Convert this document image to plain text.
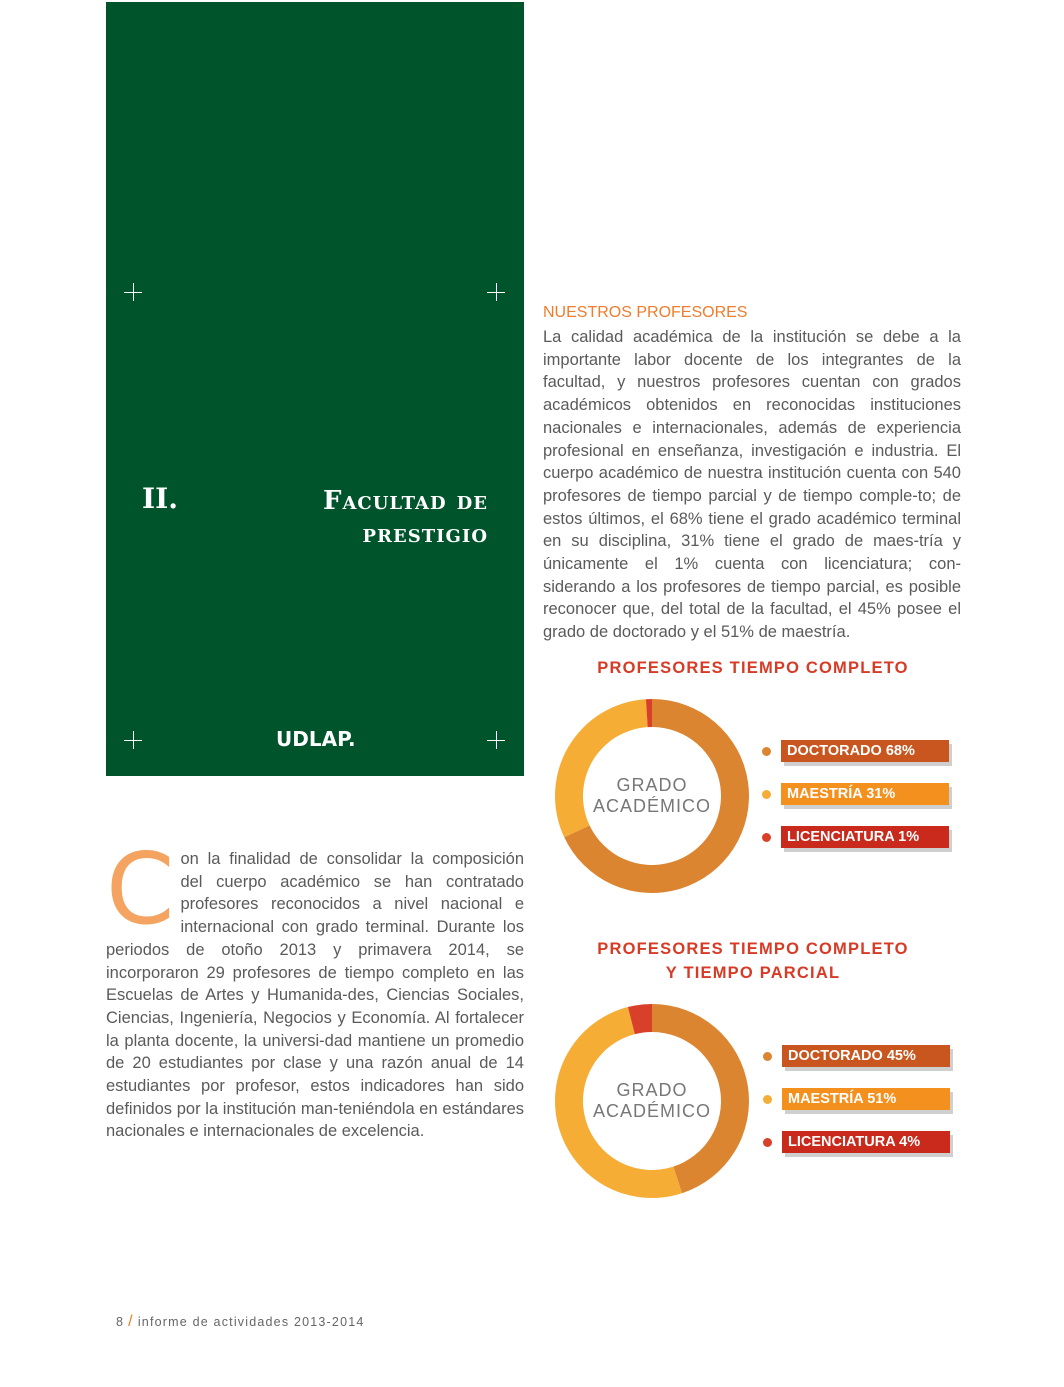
II.	Facultad de
prestigio
UDLAP.
NUESTROS PROFESORES
La calidad académica de la institución se debe a la importante labor docente de los integrantes de la facultad, y nuestros profesores cuentan con grados académicos obtenidos en reconocidas instituciones nacionales e internacionales, además de experiencia profesional en enseñanza, investigación e industria. El cuerpo académico de nuestra institución cuenta con 540 profesores de tiempo parcial y de tiempo comple-to; de estos últimos, el 68% tiene el grado académico terminal en su disciplina, 31% tiene el grado de maes-tría y únicamente el 1% cuenta con licenciatura; con-siderando a los profesores de tiempo parcial, es posible reconocer que, del total de la facultad, el 45% posee el grado de doctorado y el 51% de maestría.
C on la finalidad de consolidar la composición del cuerpo académico se han contratado profesores reconocidos a nivel nacional e internacional con grado terminal. Durante los periodos de otoño 2013 y primavera 2014, se incorporaron 29 profesores de tiempo completo en las Escuelas de Artes y Humanida-des, Ciencias Sociales, Ciencias, Ingeniería, Negocios y Economía. Al fortalecer la planta docente, la universi-dad mantiene un promedio de 20 estudiantes por clase y una razón anual de 14 estudiantes por profesor, estos indicadores han sido definidos por la institución man-teniéndola en estándares nacionales e internacionales de excelencia.
PROFESORES TIEMPO COMPLETO
GRADO
ACADÉMICO
DOCTORADO 68%
MAESTRÍA 31%
LICENCIATURA 1%
PROFESORES TIEMPO COMPLETO
Y TIEMPO PARCIAL
GRADO
ACADÉMICO
DOCTORADO 45%
MAESTRÍA 51%
LICENCIATURA 4%
8 / informe de actividades 2013-2014
